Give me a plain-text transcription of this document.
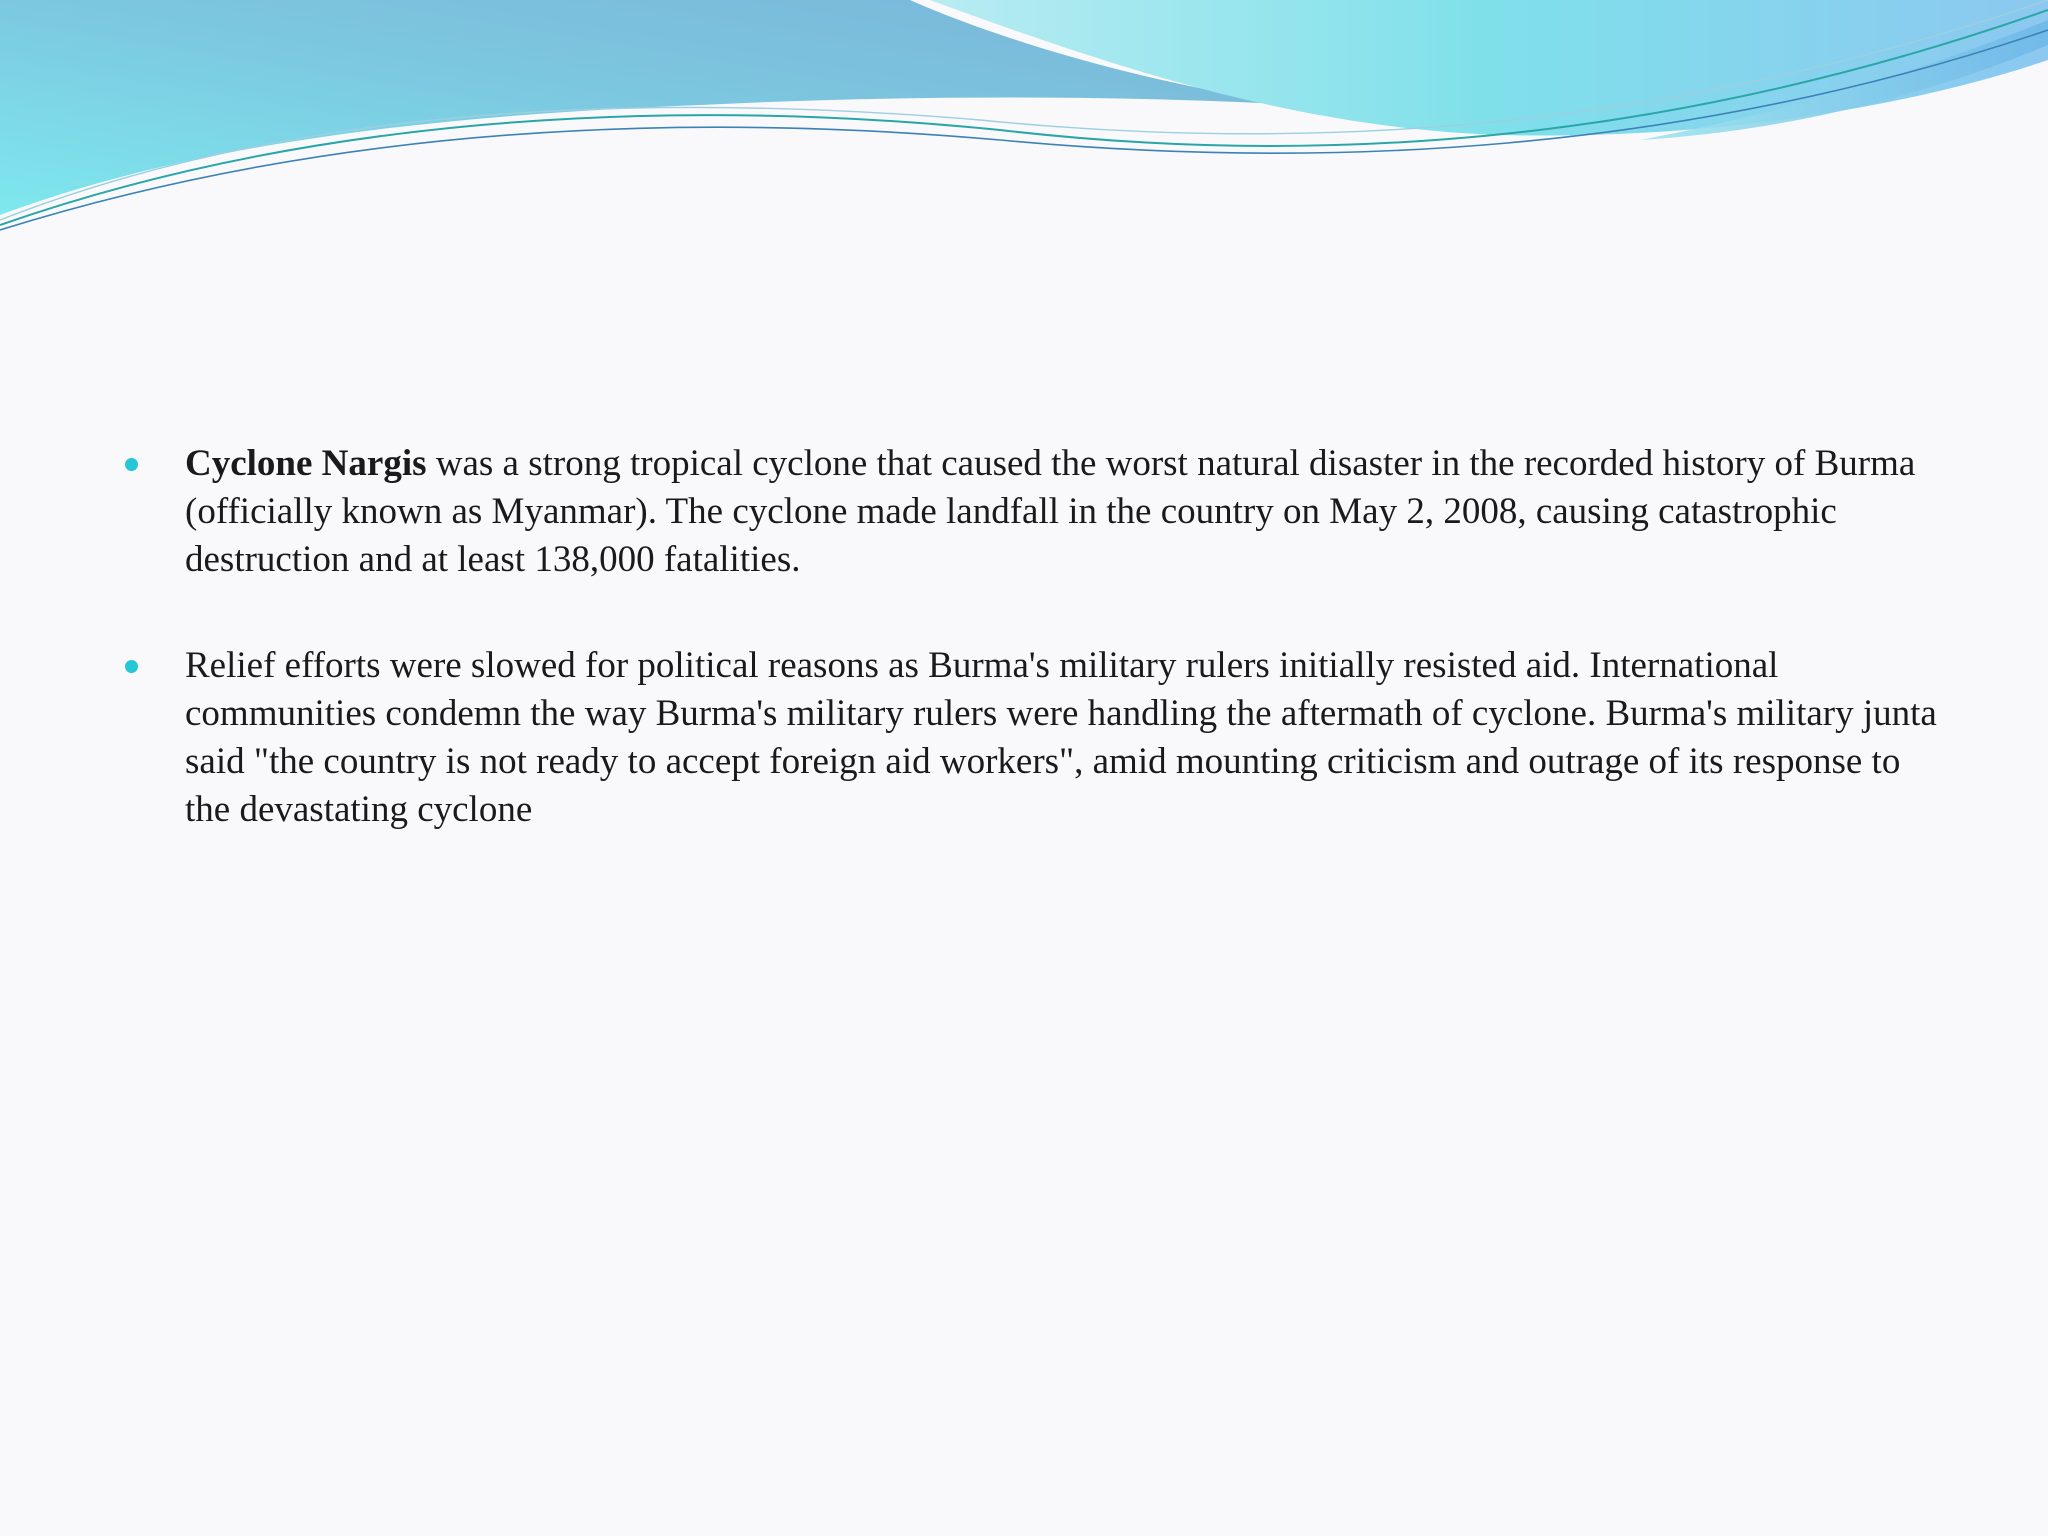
Cyclone Nargis was a strong tropical cyclone that caused the worst natural disaster in the recorded history of Burma (officially known as Myanmar). The cyclone made landfall in the country on May 2, 2008, causing catastrophic destruction and at least 138,000 fatalities.
Relief efforts were slowed for political reasons as Burma's military rulers initially resisted aid. International communities condemn the way Burma's military rulers were handling the aftermath of cyclone. Burma's military junta said "the country is not ready to accept foreign aid workers", amid mounting criticism and outrage of its response to the devastating cyclone
